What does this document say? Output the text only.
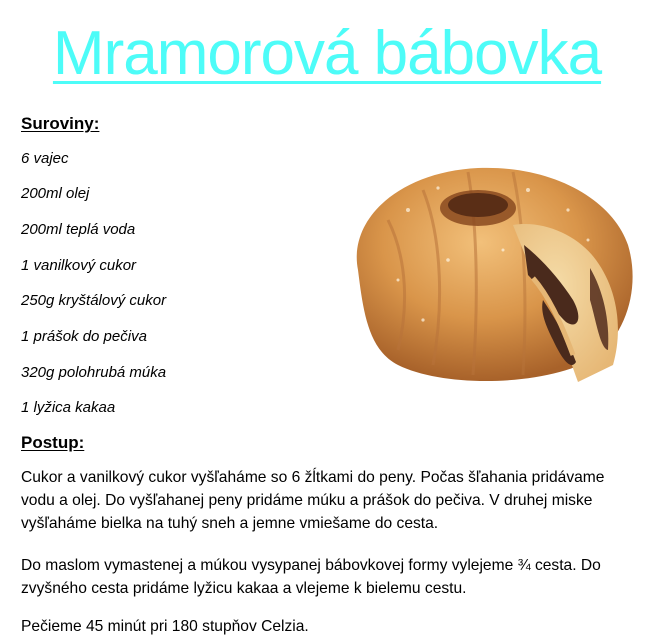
Mramorová bábovka
Suroviny:
6 vajec
200ml olej
200ml teplá voda
1 vanilkový cukor
250g kryštálový cukor
1 prášok do pečiva
320g polohrubá múka
1 lyžica kakaa
Postup:
Cukor a vanilkový cukor vyšľaháme so 6 žĺtkami do peny. Počas šľahania pridávame vodu a olej. Do vyšľahanej peny pridáme múku a prášok do pečiva. V druhej miske vyšľaháme bielka na tuhý sneh a jemne vmiešame do cesta.
Do maslom vymastenej a múkou vysypanej bábovkovej formy vylejeme ¾ cesta. Do zvyšného cesta pridáme lyžicu kakaa a vlejeme k bielemu cestu.
Pečieme 45 minút pri 180 stupňov Celzia.
